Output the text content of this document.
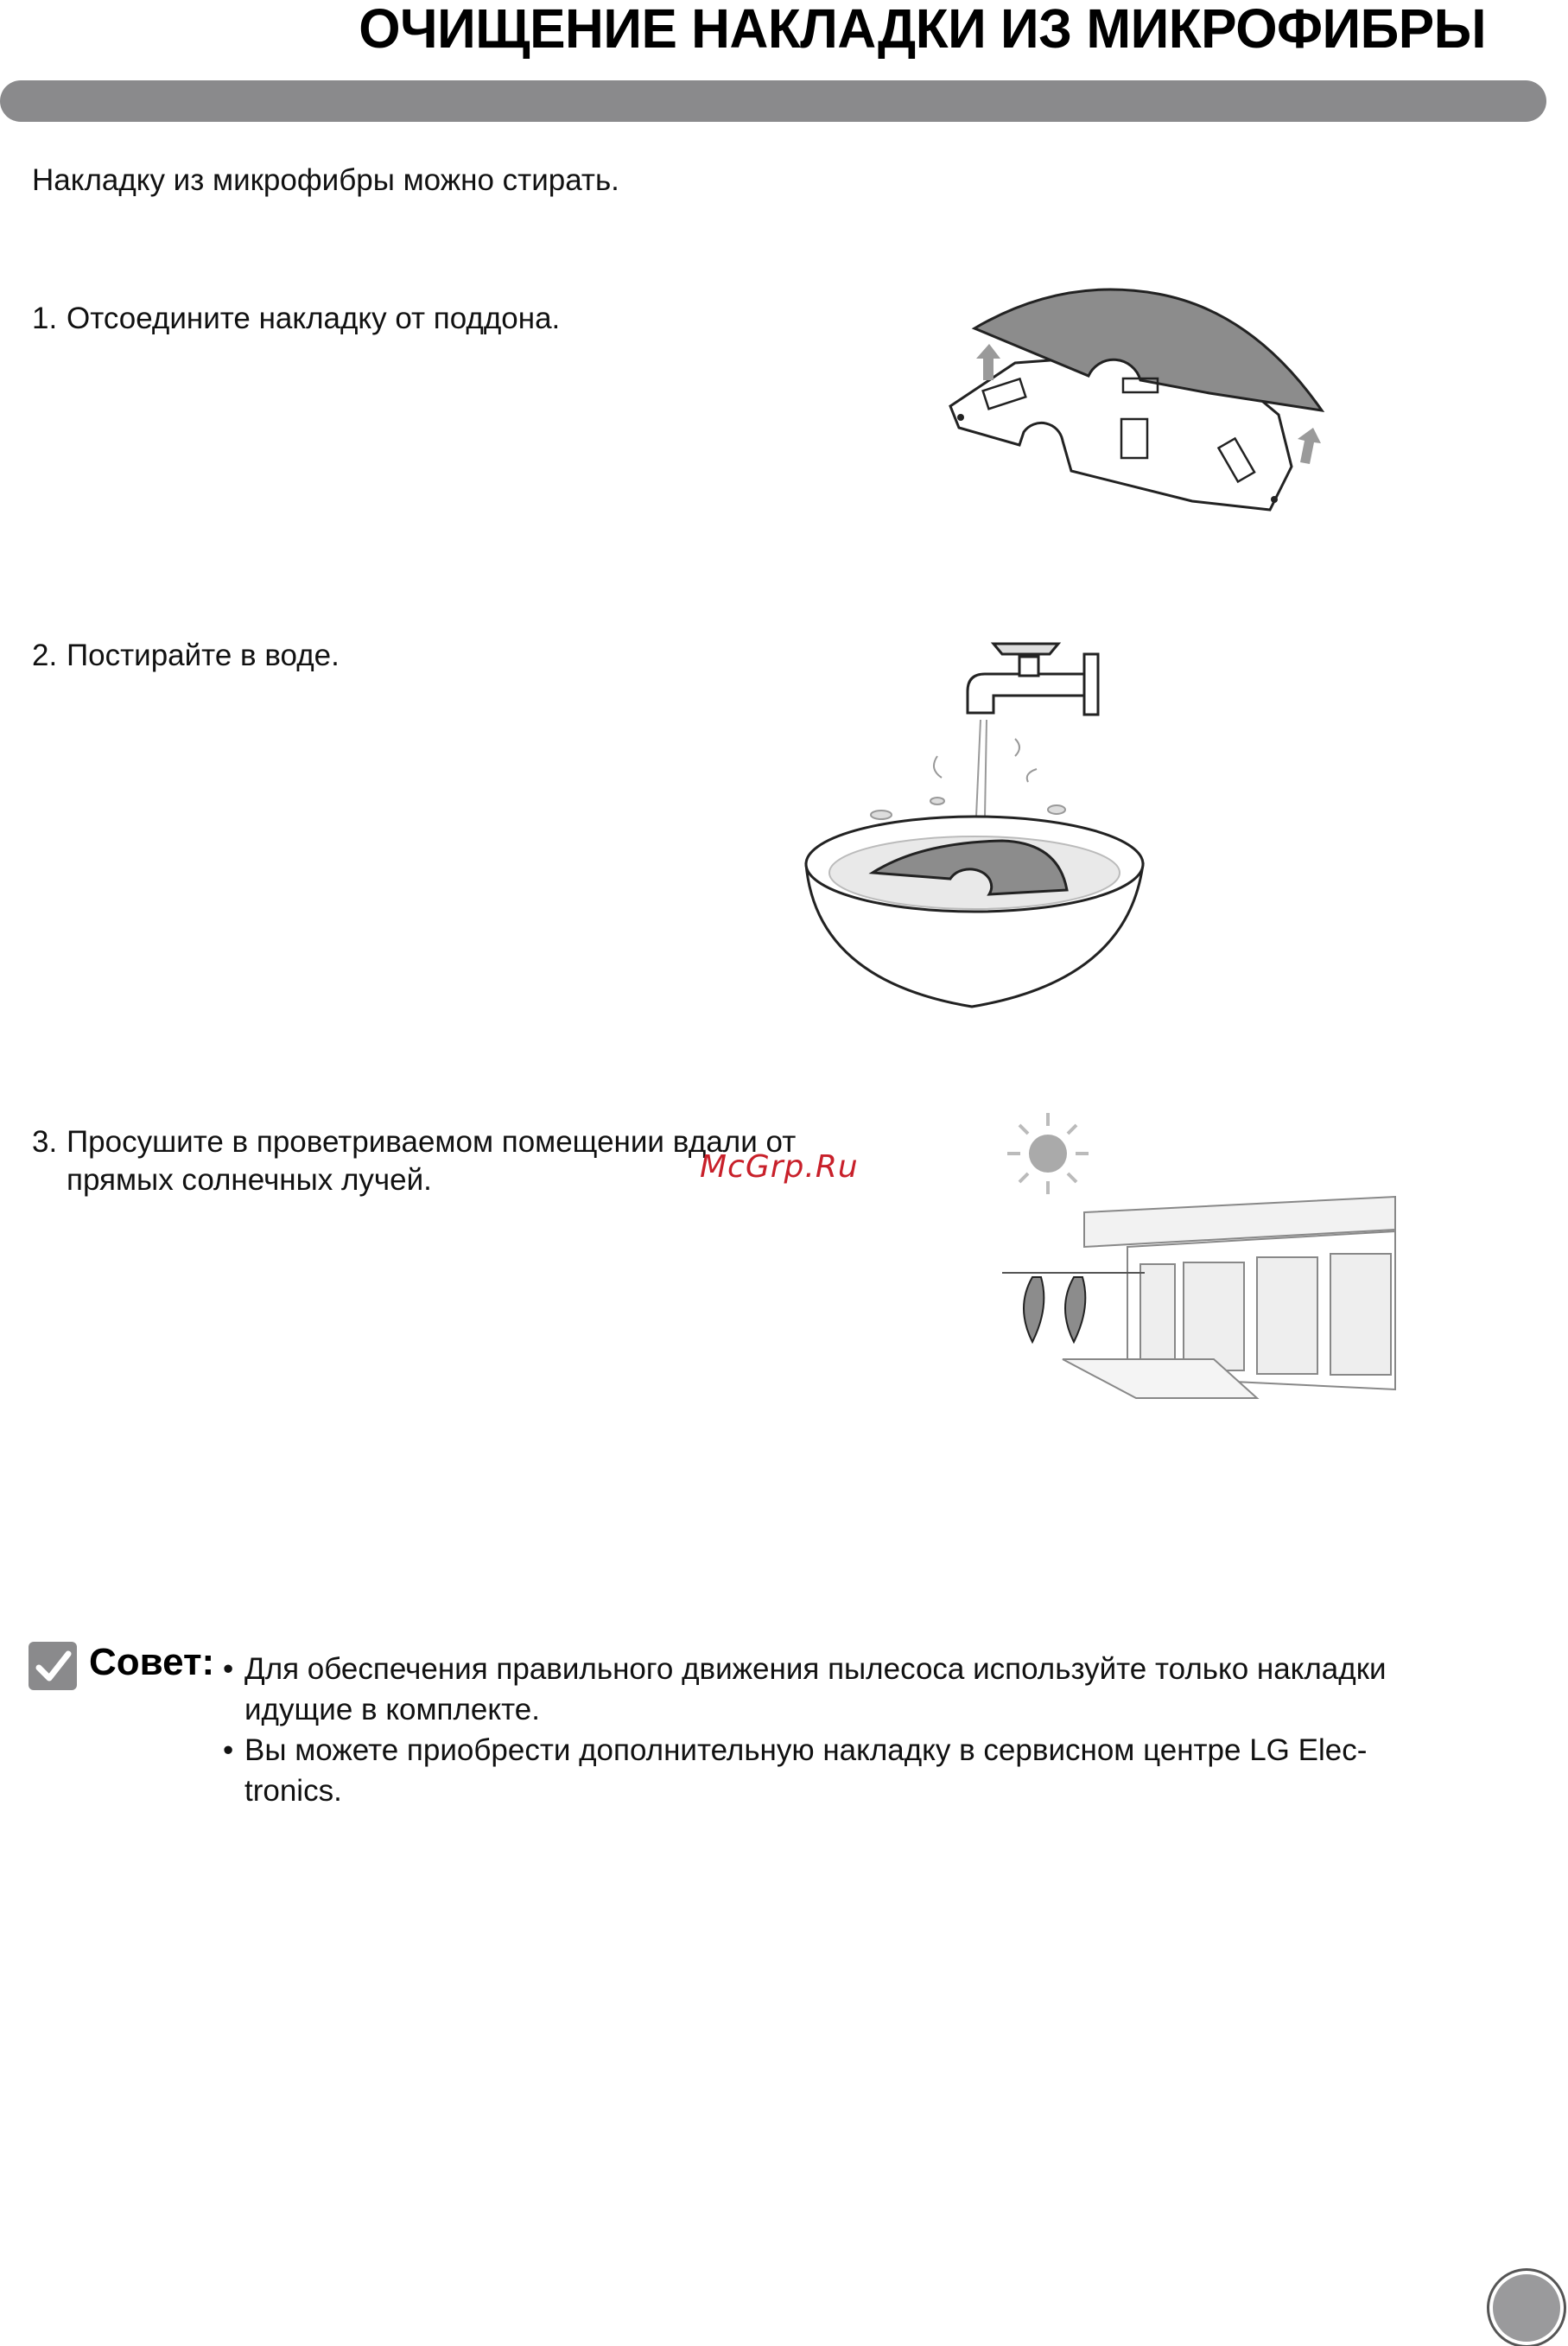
ОЧИЩЕНИЕ НАКЛАДКИ ИЗ МИКРОФИБРЫ
Накладку из микрофибры можно стирать.
1. Отсоедините накладку от поддона.
2. Постирайте в воде.
3. Просушите в проветриваемом помещении вдали от
прямых солнечных лучей.	McGrp.Ru
Совет: • Для обеспечения правильного движения пылесоса используйте только накладки идущие в комплекте.
• Вы можете приобрести дополнительную накладку в сервисном центре LG Elec-tronics.
